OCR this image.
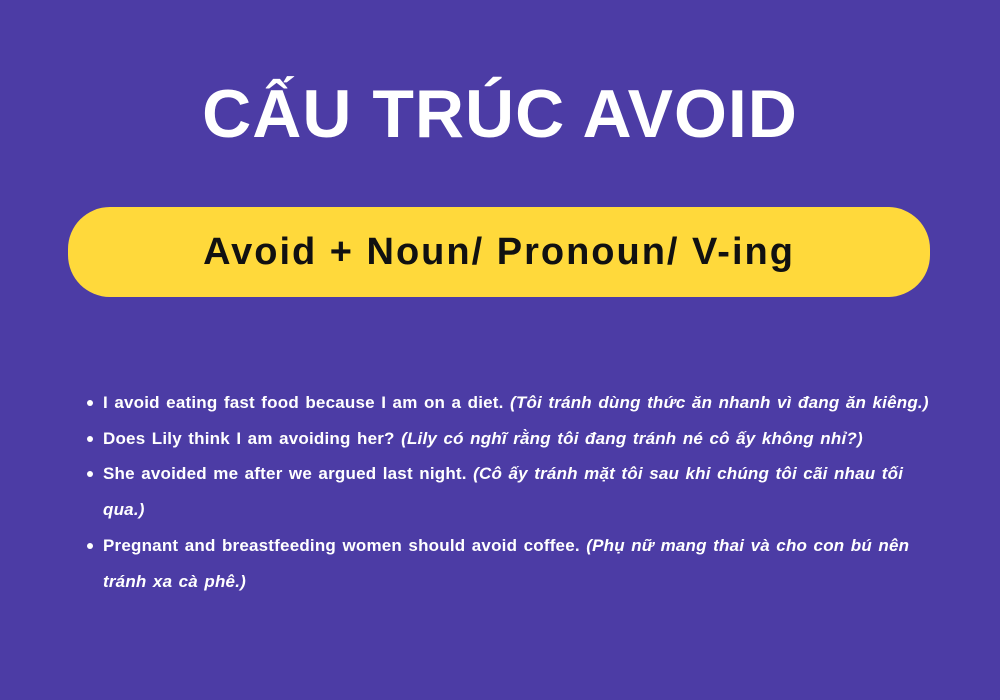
CẤU TRÚC AVOID
Avoid + Noun/ Pronoun/ V-ing
I avoid eating fast food because I am on a diet. (Tôi tránh dùng thức ăn nhanh vì đang ăn kiêng.)
Does Lily think I am avoiding her? (Lily có nghĩ rằng tôi đang tránh né cô ấy không nhỉ?)
She avoided me after we argued last night. (Cô ấy tránh mặt tôi sau khi chúng tôi cãi nhau tối qua.)
Pregnant and breastfeeding women should avoid coffee. (Phụ nữ mang thai và cho con bú nên tránh xa cà phê.)
